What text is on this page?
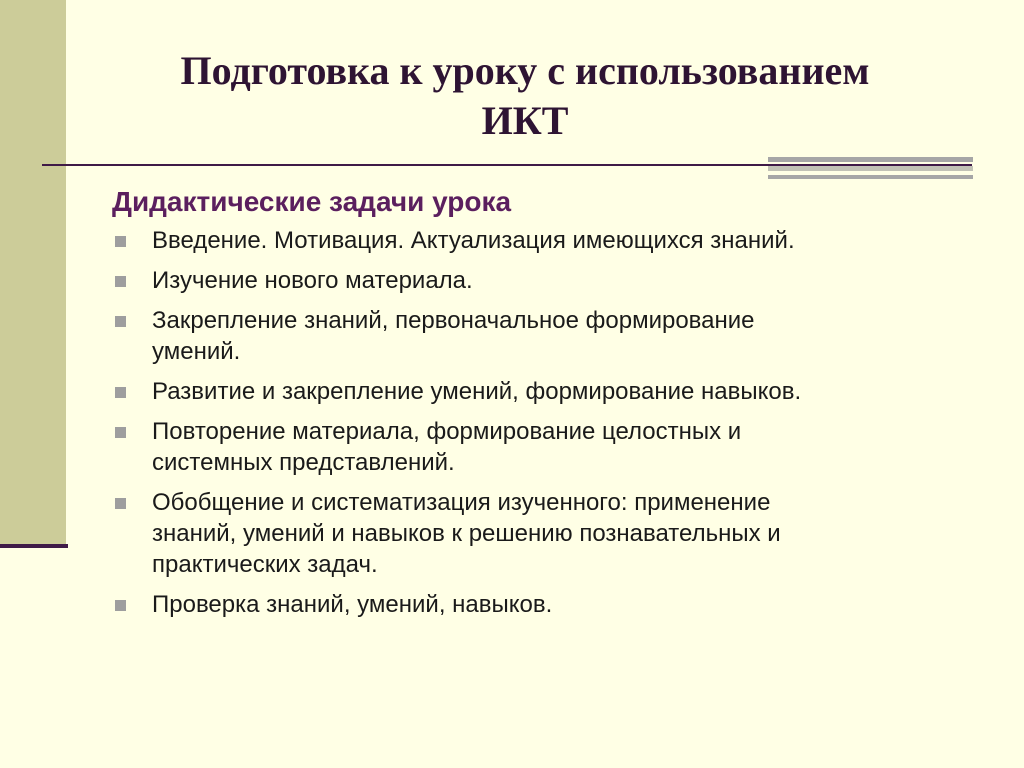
Подготовка к уроку с использованием
ИКТ
Дидактические задачи урока
Введение. Мотивация. Актуализация имеющихся знаний.
Изучение нового материала.
Закрепление знаний, первоначальное формирование
умений.
Развитие и закрепление умений, формирование навыков.
Повторение материала, формирование целостных и
системных представлений.
Обобщение и систематизация изученного: применение
знаний, умений и навыков к решению познавательных и
практических задач.
Проверка знаний, умений, навыков.
